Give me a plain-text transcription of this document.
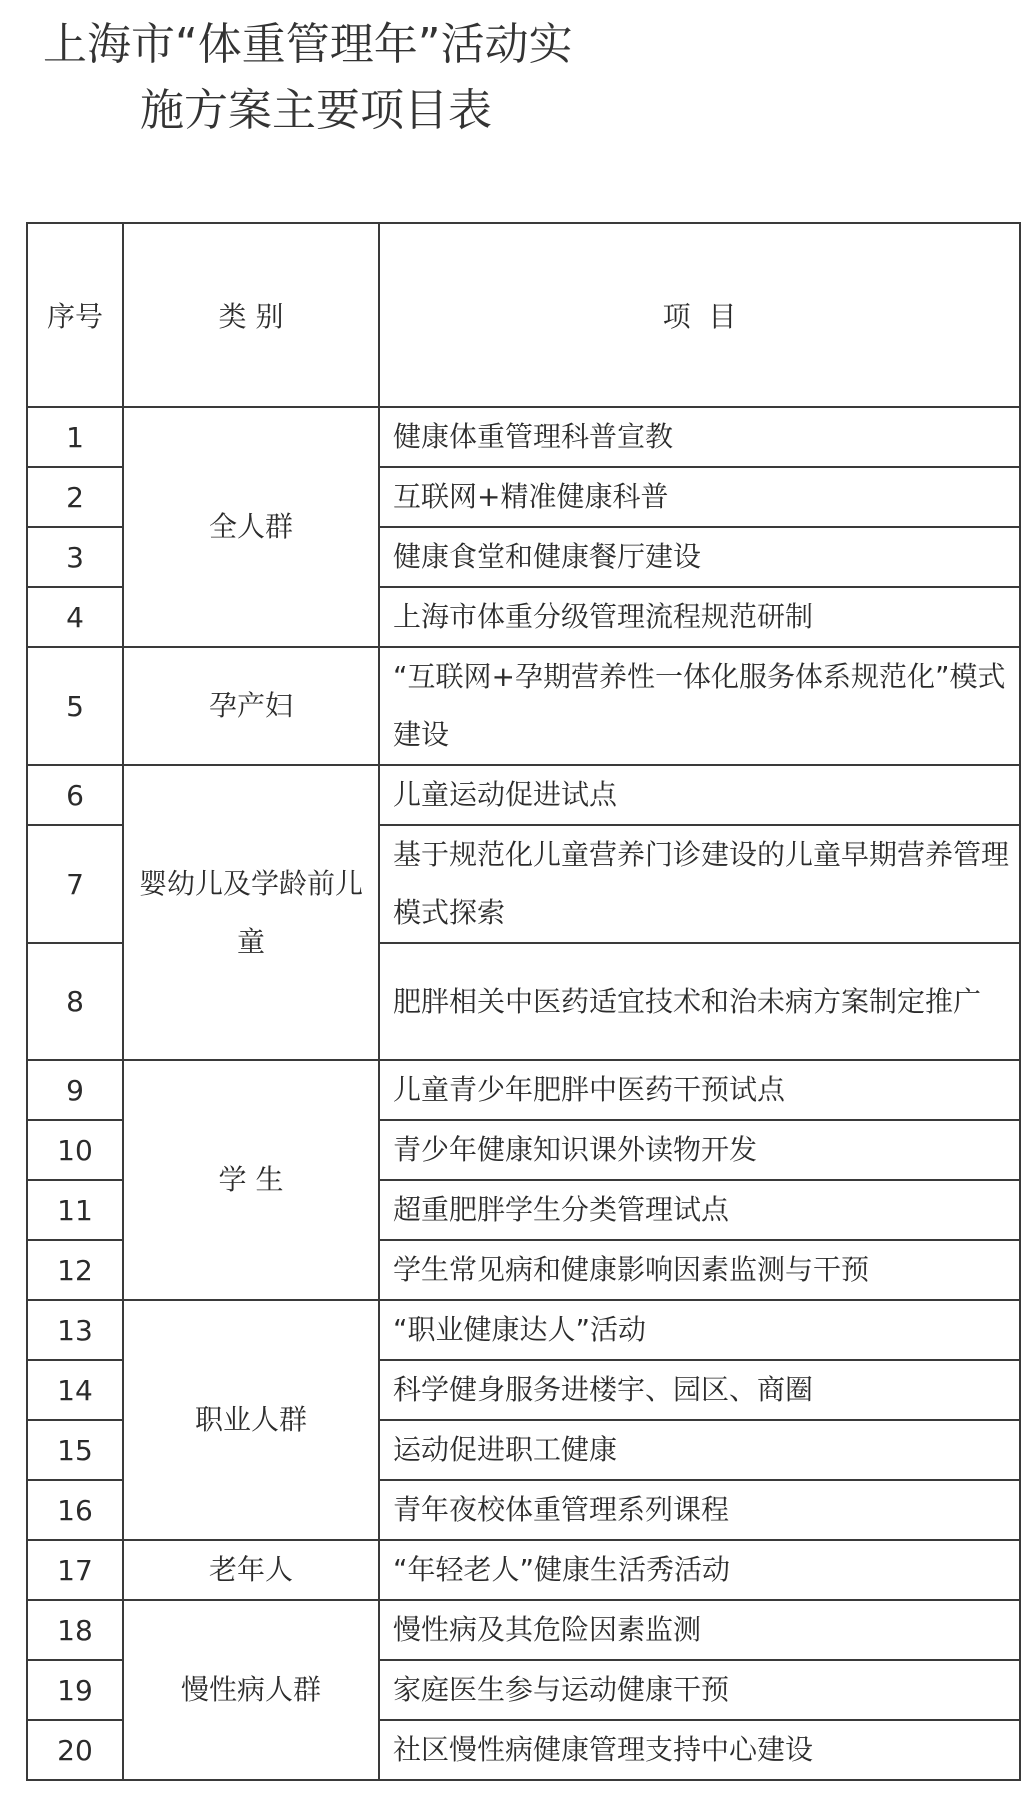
上海市“体重管理年”活动实
施方案主要项目表
序号	类 别	项  目
1	全人群	健康体重管理科普宣教
2		互联网+精准健康科普
3		健康食堂和健康餐厅建设
4		上海市体重分级管理流程规范研制
5	孕产妇	“互联网+孕期营养性一体化服务体系规范化”模式建设
6	婴幼儿及学龄前儿童	儿童运动促进试点
7		基于规范化儿童营养门诊建设的儿童早期营养管理模式探索
8		肥胖相关中医药适宜技术和治未病方案制定推广
9	学 生	儿童青少年肥胖中医药干预试点
10		青少年健康知识课外读物开发
11		超重肥胖学生分类管理试点
12		学生常见病和健康影响因素监测与干预
13	职业人群	“职业健康达人”活动
14		科学健身服务进楼宇、园区、商圈
15		运动促进职工健康
16		青年夜校体重管理系列课程
17	老年人	“年轻老人”健康生活秀活动
18	慢性病人群	慢性病及其危险因素监测
19		家庭医生参与运动健康干预
20		社区慢性病健康管理支持中心建设
